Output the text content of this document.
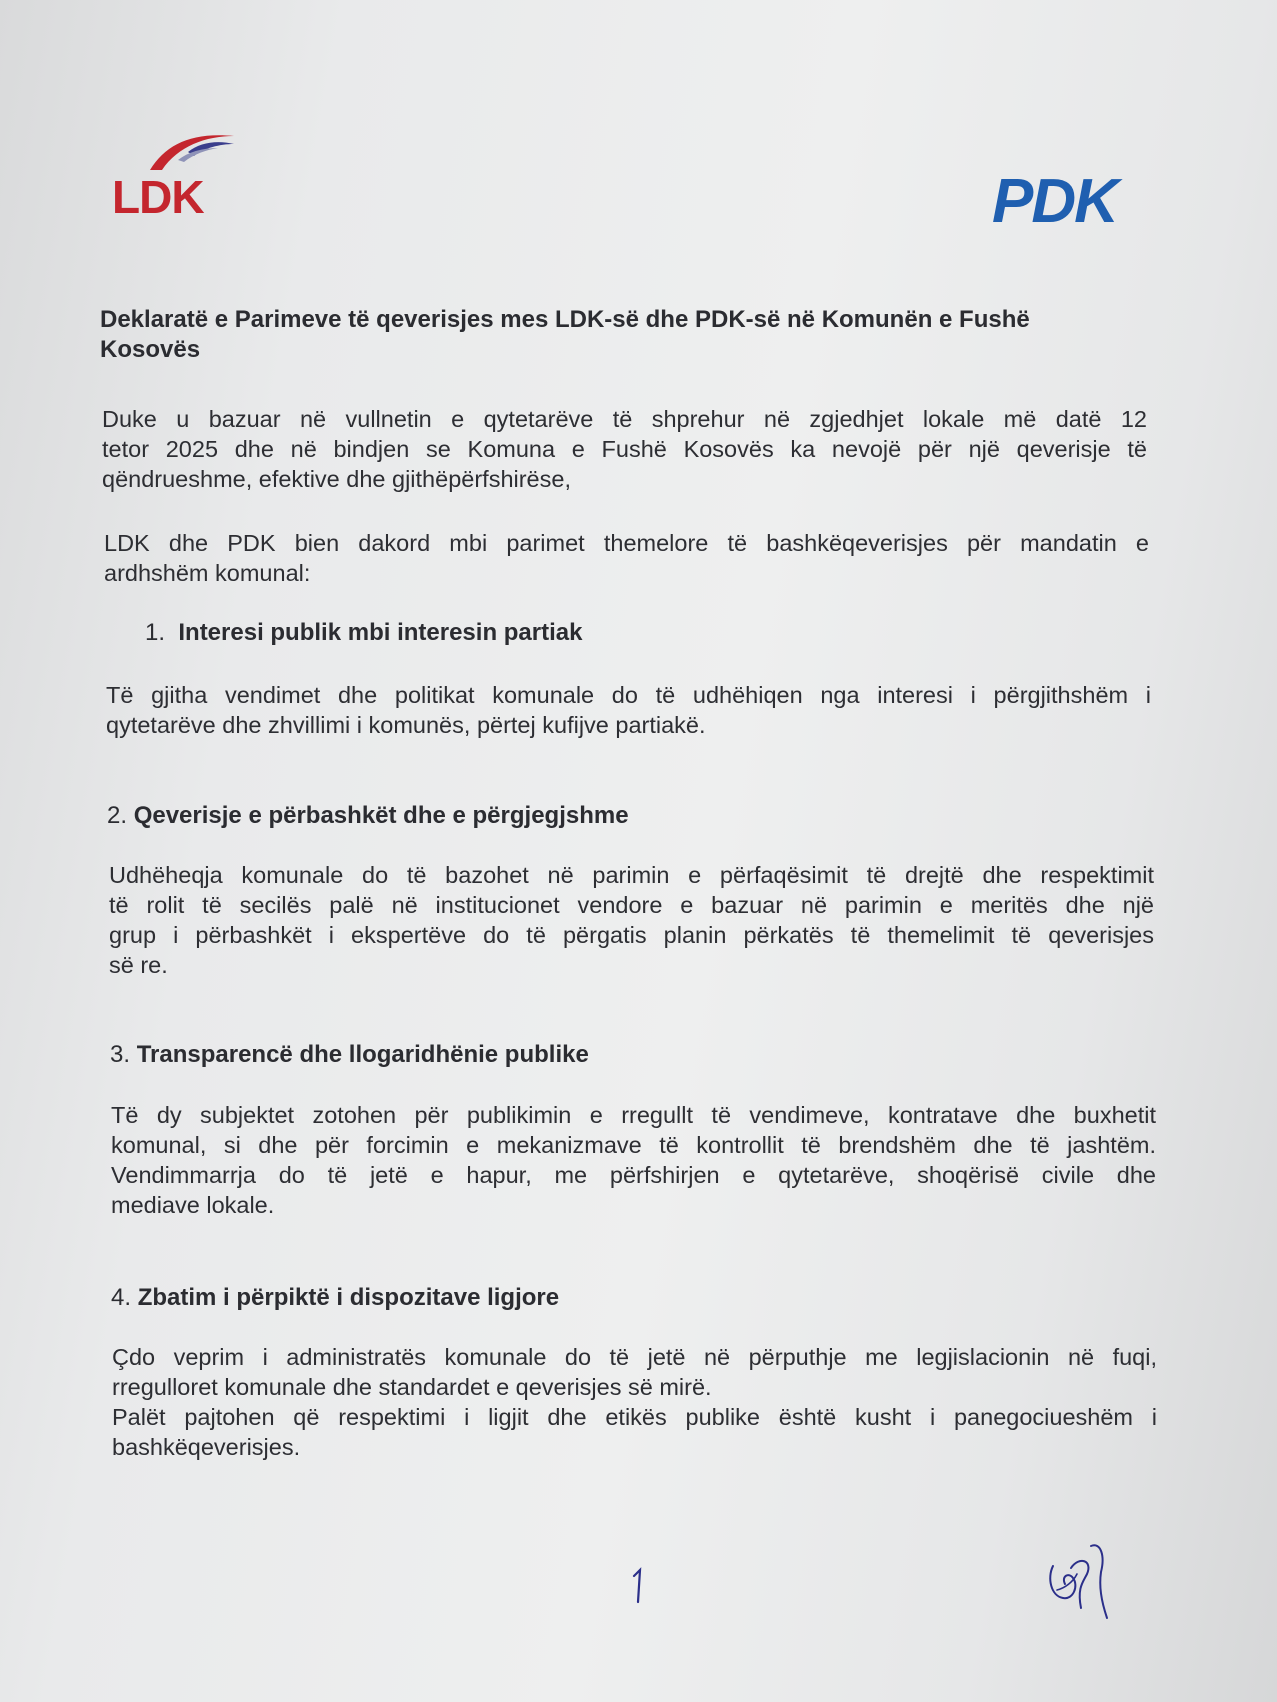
LDK	PDK
Deklaratë e Parimeve të qeverisjes mes LDK-së dhe PDK-së në Komunën e Fushë
Kosovës
Duke u bazuar në vullnetin e qytetarëve të shprehur në zgjedhjet lokale më datë 12
tetor 2025 dhe në bindjen se Komuna e Fushë Kosovës ka nevojë për një qeverisje të
qëndrueshme, efektive dhe gjithëpërfshirëse,
LDK dhe PDK bien dakord mbi parimet themelore të bashkëqeverisjes për mandatin e
ardhshëm komunal:
1. Interesi publik mbi interesin partiak
Të gjitha vendimet dhe politikat komunale do të udhëhiqen nga interesi i përgjithshëm i
qytetarëve dhe zhvillimi i komunës, përtej kufijve partiakë.
2. Qeverisje e përbashkët dhe e përgjegjshme
Udhëheqja komunale do të bazohet në parimin e përfaqësimit të drejtë dhe respektimit
të rolit të secilës palë në institucionet vendore e bazuar në parimin e meritës dhe një
grup i përbashkët i ekspertëve do të përgatis planin përkatës të themelimit të qeverisjes
së re.
3. Transparencë dhe llogaridhënie publike
Të dy subjektet zotohen për publikimin e rregullt të vendimeve, kontratave dhe buxhetit
komunal, si dhe për forcimin e mekanizmave të kontrollit të brendshëm dhe të jashtëm.
Vendimmarrja do të jetë e hapur, me përfshirjen e qytetarëve, shoqërisë civile dhe
mediave lokale.
4. Zbatim i përpiktë i dispozitave ligjore
Çdo veprim i administratës komunale do të jetë në përputhje me legjislacionin në fuqi,
rregulloret komunale dhe standardet e qeverisjes së mirë.
Palët pajtohen që respektimi i ligjit dhe etikës publike është kusht i panegociueshëm i
bashkëqeverisjes.
